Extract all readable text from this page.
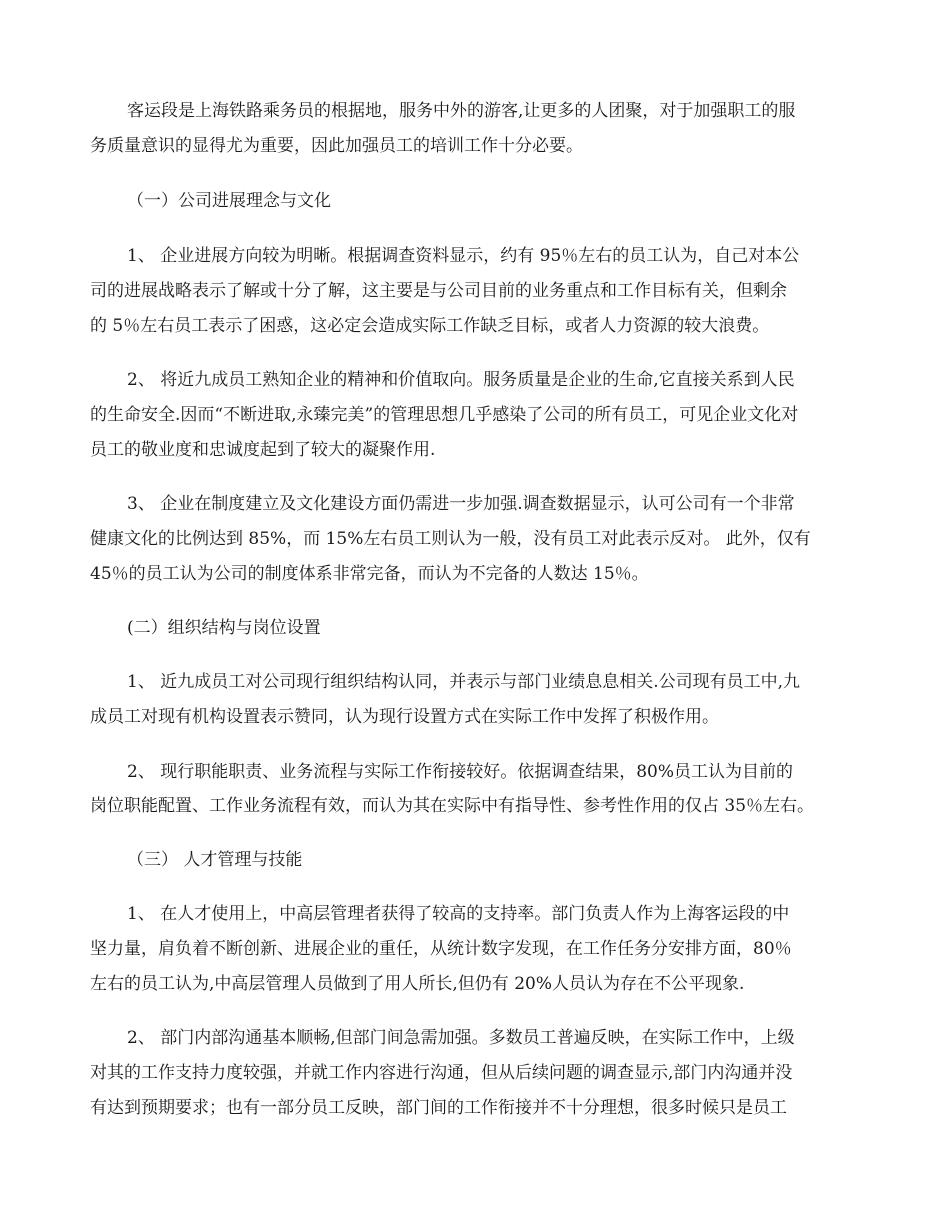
客运段是上海铁路乘务员的根据地，服务中外的游客,让更多的人团聚，对于加强职工的服

务质量意识的显得尤为重要，因此加强员工的培训工作十分必要。

（一）公司进展理念与文化

1、 企业进展方向较为明晰。根据调查资料显示，约有 95％左右的员工认为，自己对本公

司的进展战略表示了解或十分了解，这主要是与公司目前的业务重点和工作目标有关，但剩余

的 5％左右员工表示了困惑，这必定会造成实际工作缺乏目标，或者人力资源的较大浪费。

2、 将近九成员工熟知企业的精神和价值取向。服务质量是企业的生命,它直接关系到人民

的生命安全.因而“不断进取,永臻完美”的管理思想几乎感染了公司的所有员工，可见企业文化对

员工的敬业度和忠诚度起到了较大的凝聚作用.

3、 企业在制度建立及文化建设方面仍需进一步加强.调查数据显示，认可公司有一个非常

健康文化的比例达到 85%，而 15%左右员工则认为一般，没有员工对此表示反对。 此外，仅有

45％的员工认为公司的制度体系非常完备，而认为不完备的人数达 15％。

(二）组织结构与岗位设置

1、 近九成员工对公司现行组织结构认同，并表示与部门业绩息息相关.公司现有员工中,九

成员工对现有机构设置表示赞同，认为现行设置方式在实际工作中发挥了积极作用。

2、 现行职能职责、业务流程与实际工作衔接较好。依据调查结果，80%员工认为目前的

岗位职能配置、工作业务流程有效，而认为其在实际中有指导性、参考性作用的仅占 35％左右。

（三） 人才管理与技能

1、 在人才使用上，中高层管理者获得了较高的支持率。部门负责人作为上海客运段的中

坚力量，肩负着不断创新、进展企业的重任，从统计数字发现，在工作任务分安排方面，80％

左右的员工认为,中高层管理人员做到了用人所长,但仍有 20%人员认为存在不公平现象.

2、 部门内部沟通基本顺畅,但部门间急需加强。多数员工普遍反映，在实际工作中，上级

对其的工作支持力度较强，并就工作内容进行沟通，但从后续问题的调查显示,部门内沟通并没

有达到预期要求；也有一部分员工反映，部门间的工作衔接并不十分理想，很多时候只是员工
